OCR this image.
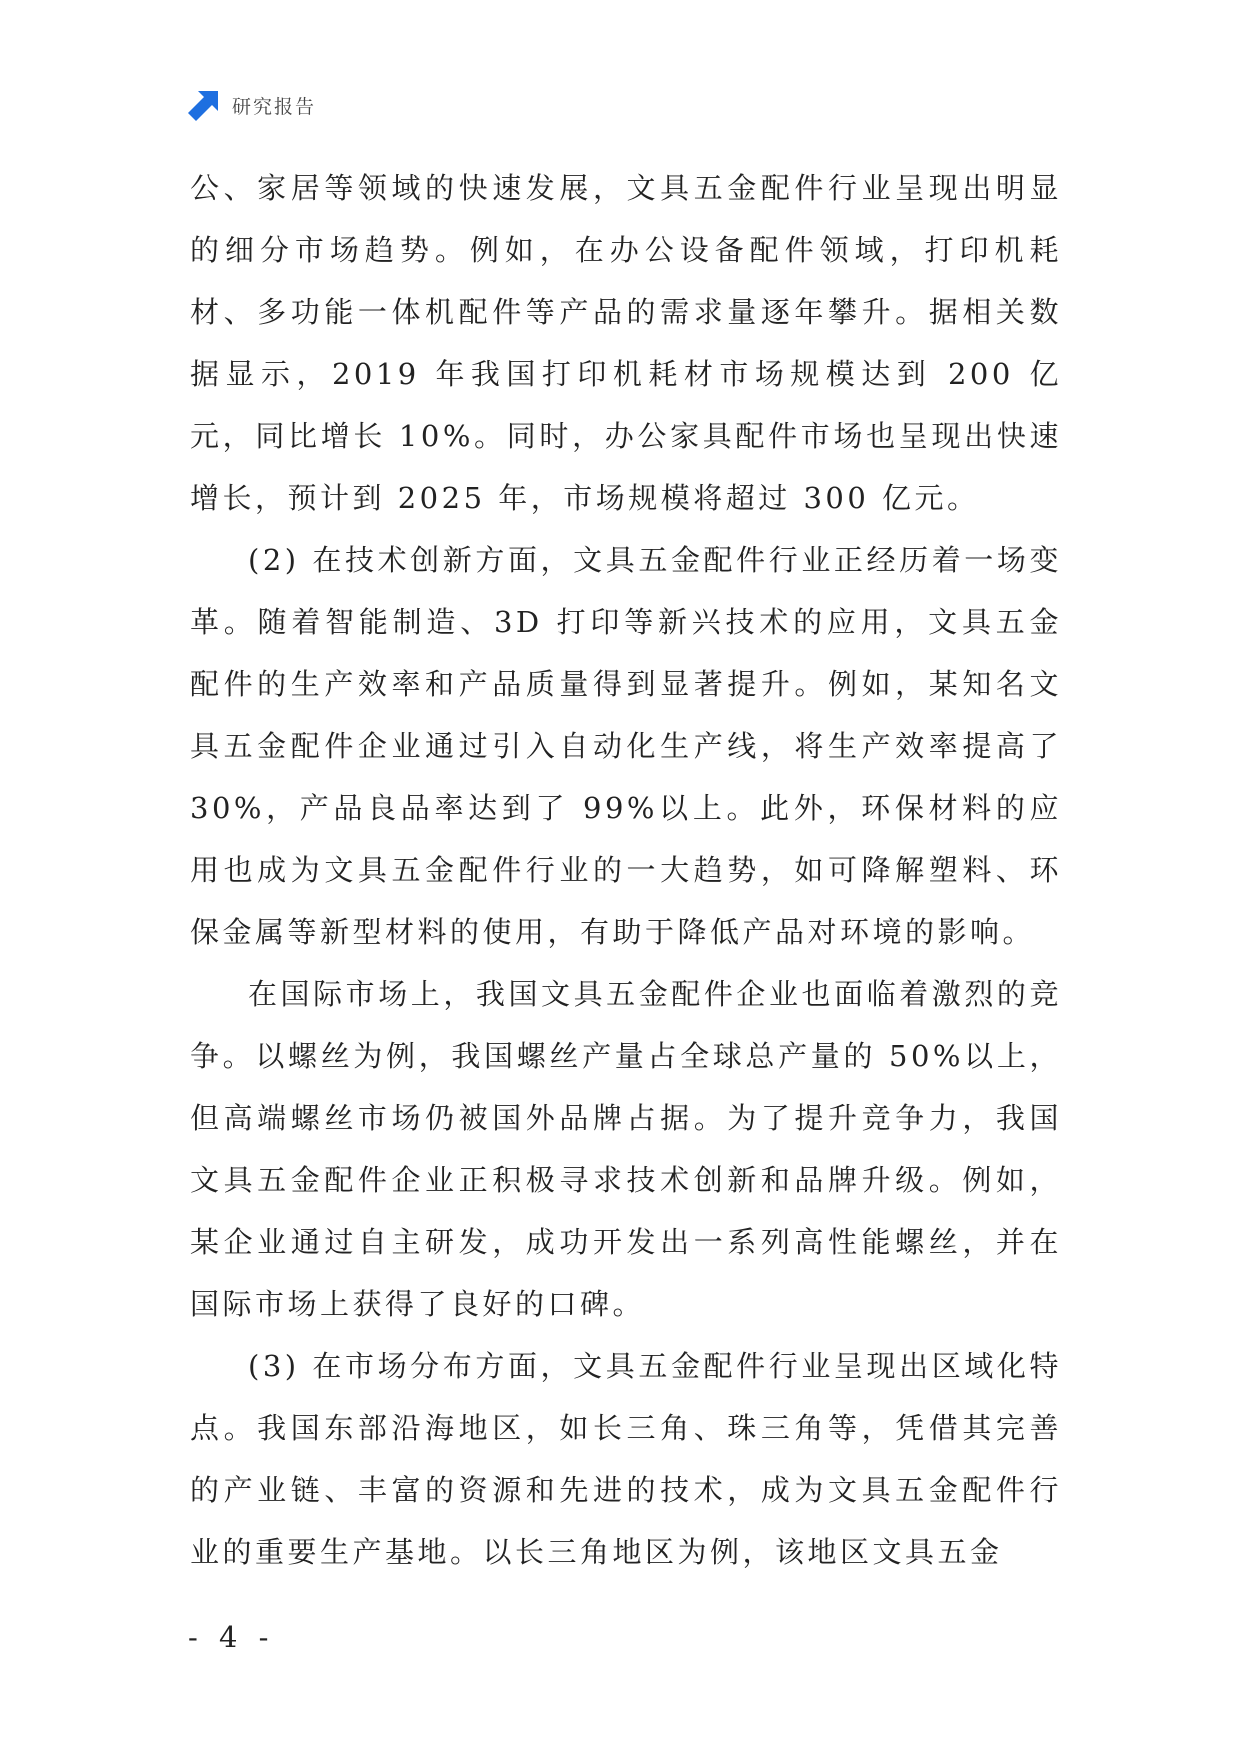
研究报告

公、家居等领域的快速发展，文具五金配件行业呈现出明显的细分市场趋势。例如，在办公设备配件领域，打印机耗材、多功能一体机配件等产品的需求量逐年攀升。据相关数据显示，2019 年我国打印机耗材市场规模达到 200 亿元，同比增长 10%。同时，办公家具配件市场也呈现出快速增长，预计到 2025 年，市场规模将超过 300 亿元。

(2) 在技术创新方面，文具五金配件行业正经历着一场变革。随着智能制造、3D 打印等新兴技术的应用，文具五金配件的生产效率和产品质量得到显著提升。例如，某知名文具五金配件企业通过引入自动化生产线，将生产效率提高了 30%，产品良品率达到了 99%以上。此外，环保材料的应用也成为文具五金配件行业的一大趋势，如可降解塑料、环保金属等新型材料的使用，有助于降低产品对环境的影响。

在国际市场上，我国文具五金配件企业也面临着激烈的竞争。以螺丝为例，我国螺丝产量占全球总产量的 50%以上，但高端螺丝市场仍被国外品牌占据。为了提升竞争力，我国文具五金配件企业正积极寻求技术创新和品牌升级。例如，某企业通过自主研发，成功开发出一系列高性能螺丝，并在国际市场上获得了良好的口碑。

(3) 在市场分布方面，文具五金配件行业呈现出区域化特点。我国东部沿海地区，如长三角、珠三角等，凭借其完善的产业链、丰富的资源和先进的技术，成为文具五金配件行业的重要生产基地。以长三角地区为例，该地区文具五金

- 4 -
